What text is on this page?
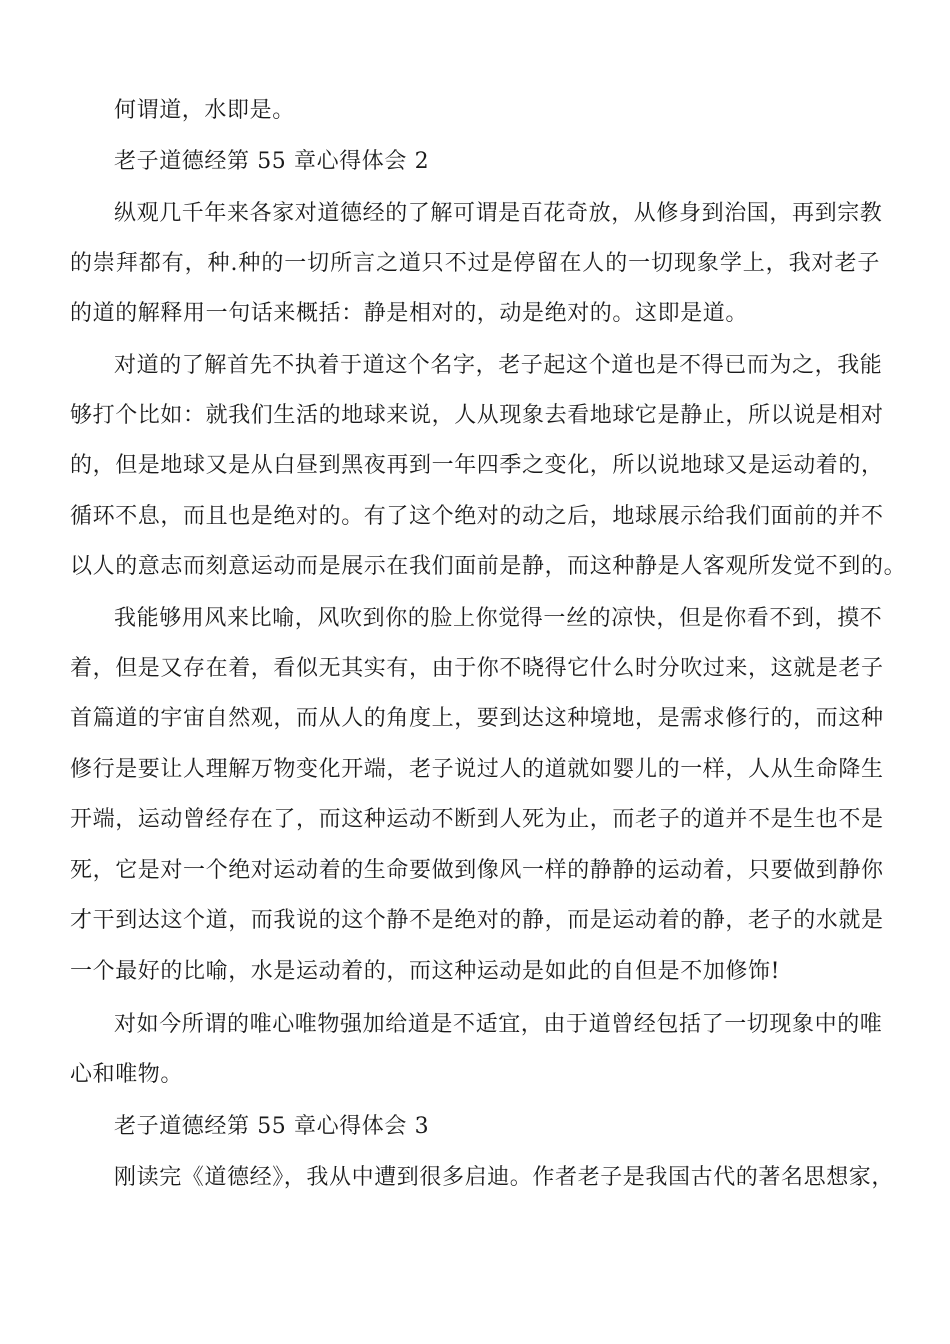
何谓道，水即是。
老子道德经第 55 章心得体会 2
纵观几千年来各家对道德经的了解可谓是百花奇放，从修身到治国，再到宗教
的崇拜都有，种.种的一切所言之道只不过是停留在人的一切现象学上，我对老子
的道的解释用一句话来概括：静是相对的，动是绝对的。这即是道。
对道的了解首先不执着于道这个名字，老子起这个道也是不得已而为之，我能
够打个比如：就我们生活的地球来说，人从现象去看地球它是静止，所以说是相对
的，但是地球又是从白昼到黑夜再到一年四季之变化，所以说地球又是运动着的，
循环不息，而且也是绝对的。有了这个绝对的动之后，地球展示给我们面前的并不
以人的意志而刻意运动而是展示在我们面前是静，而这种静是人客观所发觉不到的。
我能够用风来比喻，风吹到你的脸上你觉得一丝的凉快，但是你看不到，摸不
着，但是又存在着，看似无其实有，由于你不晓得它什么时分吹过来，这就是老子
首篇道的宇宙自然观，而从人的角度上，要到达这种境地，是需求修行的，而这种
修行是要让人理解万物变化开端，老子说过人的道就如婴儿的一样，人从生命降生
开端，运动曾经存在了，而这种运动不断到人死为止，而老子的道并不是生也不是
死，它是对一个绝对运动着的生命要做到像风一样的静静的运动着，只要做到静你
才干到达这个道，而我说的这个静不是绝对的静，而是运动着的静，老子的水就是
一个最好的比喻，水是运动着的，而这种运动是如此的自但是不加修饰!
对如今所谓的唯心唯物强加给道是不适宜，由于道曾经包括了一切现象中的唯
心和唯物。
老子道德经第 55 章心得体会 3
刚读完《道德经》，我从中遭到很多启迪。作者老子是我国古代的著名思想家，
